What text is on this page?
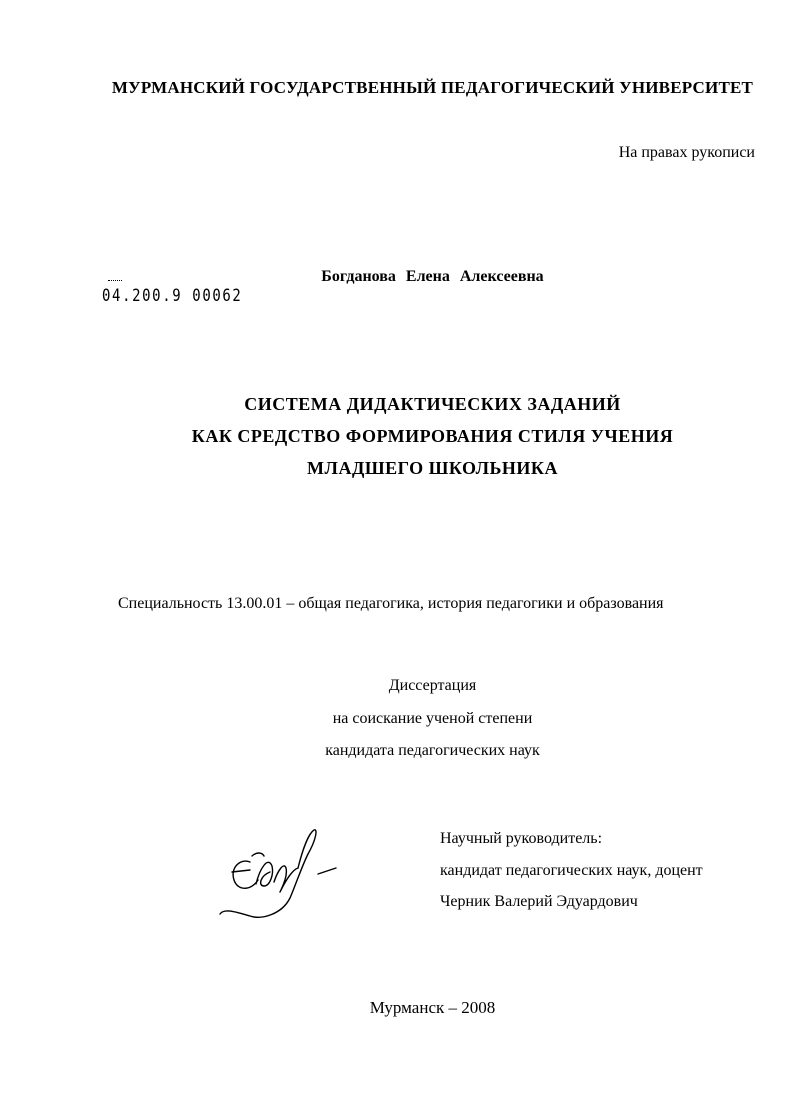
МУРМАНСКИЙ ГОСУДАРСТВЕННЫЙ ПЕДАГОГИЧЕСКИЙ УНИВЕРСИТЕТ
На правах рукописи
04.200.9 00062
Богданова Елена Алексеевна
СИСТЕМА ДИДАКТИЧЕСКИХ ЗАДАНИЙ
КАК СРЕДСТВО ФОРМИРОВАНИЯ СТИЛЯ УЧЕНИЯ
МЛАДШЕГО ШКОЛЬНИКА
Специальность 13.00.01 – общая педагогика, история педагогики и образования
Диссертация
на соискание ученой степени
кандидата педагогических наук
Научный руководитель:
кандидат педагогических наук, доцент
Черник Валерий Эдуардович
Мурманск – 2008
